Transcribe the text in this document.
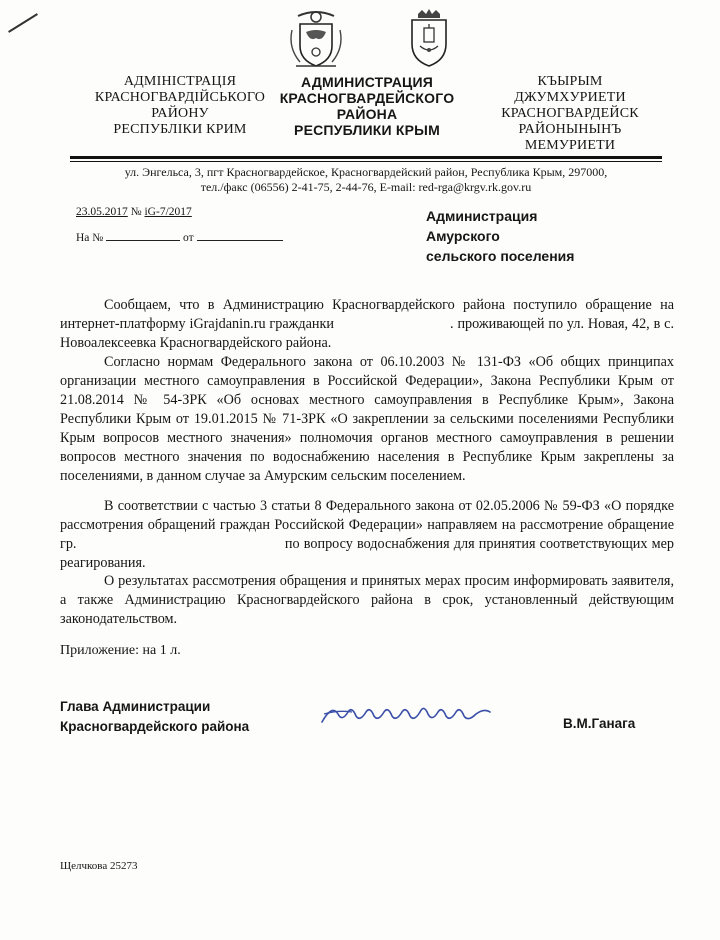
АДМІНІСТРАЦІЯ
КРАСНОГВАРДІЙСЬКОГО
РАЙОНУ
РЕСПУБЛІКИ КРИМ
АДМИНИСТРАЦИЯ
КРАСНОГВАРДЕЙСКОГО
РАЙОНА
РЕСПУБЛИКИ КРЫМ
КЪЫРЫМ
ДЖУМХУРИЕТИ
КРАСНОГВАРДЕЙСК
РАЙОНЫНЫНЪ
МЕМУРИЕТИ
ул. Энгельса, 3, пгт Красногвардейское, Красногвардейский район, Республика Крым, 297000,
тел./факс (06556) 2-41-75, 2-44-76, E-mail: red-rga@krgv.rk.gov.ru
23.05.2017 № iG-7/2017
На №	от
Администрация
Амурского
сельского поселения
Сообщаем, что в Администрацию Красногвардейского района поступило обращение на интернет-платформу iGrajdanin.ru гражданки                              . проживающей по ул. Новая, 42, в с. Новоалексеевка Красногвардейского района.
Согласно нормам Федерального закона от 06.10.2003 № 131-ФЗ «Об общих принципах организации местного самоуправления в Российской Федерации», Закона Республики Крым от 21.08.2014 № 54-ЗРК «Об основах местного самоуправления в Республике Крым», Закона Республики Крым от 19.01.2015 № 71-ЗРК «О закреплении за сельскими поселениями Республики Крым вопросов местного значения» полномочия органов местного самоуправления в решении вопросов местного значения по водоснабжению населения в Республике Крым закреплены за поселениями, в данном случае за Амурским сельским поселением.
В соответствии с частью 3 статьи 8 Федерального закона от 02.05.2006 № 59-ФЗ «О порядке рассмотрения обращений граждан Российской Федерации» направляем на рассмотрение обращение гр.                                                  по вопросу водоснабжения для принятия соответствующих мер реагирования.
О результатах рассмотрения обращения и принятых мерах просим информировать заявителя, а также Администрацию Красногвардейского района в срок, установленный действующим законодательством.
Приложение: на 1 л.
Глава Администрации
Красногвардейского района	В.М.Ганага
Щелчкова 25273
